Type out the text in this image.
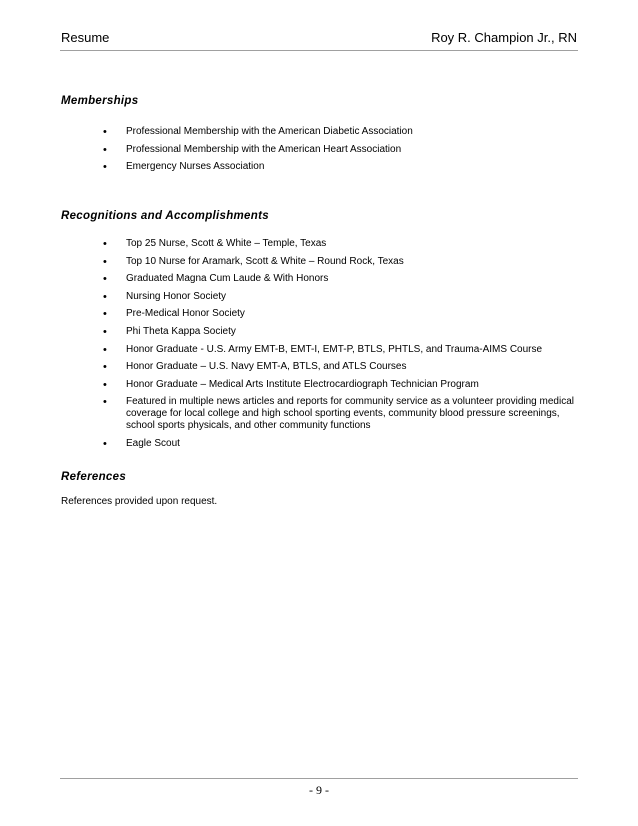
Resume	Roy R. Champion Jr., RN
Memberships
• Professional Membership with the American Diabetic Association
• Professional Membership with the American Heart Association
• Emergency Nurses Association
Recognitions and Accomplishments
• Top 25 Nurse, Scott & White – Temple, Texas
• Top 10 Nurse for Aramark, Scott & White – Round Rock, Texas
• Graduated Magna Cum Laude & With Honors
• Nursing Honor Society
• Pre-Medical Honor Society
• Phi Theta Kappa Society
• Honor Graduate - U.S. Army EMT-B, EMT-I, EMT-P, BTLS, PHTLS, and Trauma-AIMS Course
• Honor Graduate – U.S. Navy EMT-A, BTLS, and ATLS Courses
• Honor Graduate – Medical Arts Institute Electrocardiograph Technician Program
• Featured in multiple news articles and reports for community service as a volunteer providing medical coverage for local college and high school sporting events, community blood pressure screenings, school sports physicals, and other community functions
• Eagle Scout
References
References provided upon request.
- 9 -
